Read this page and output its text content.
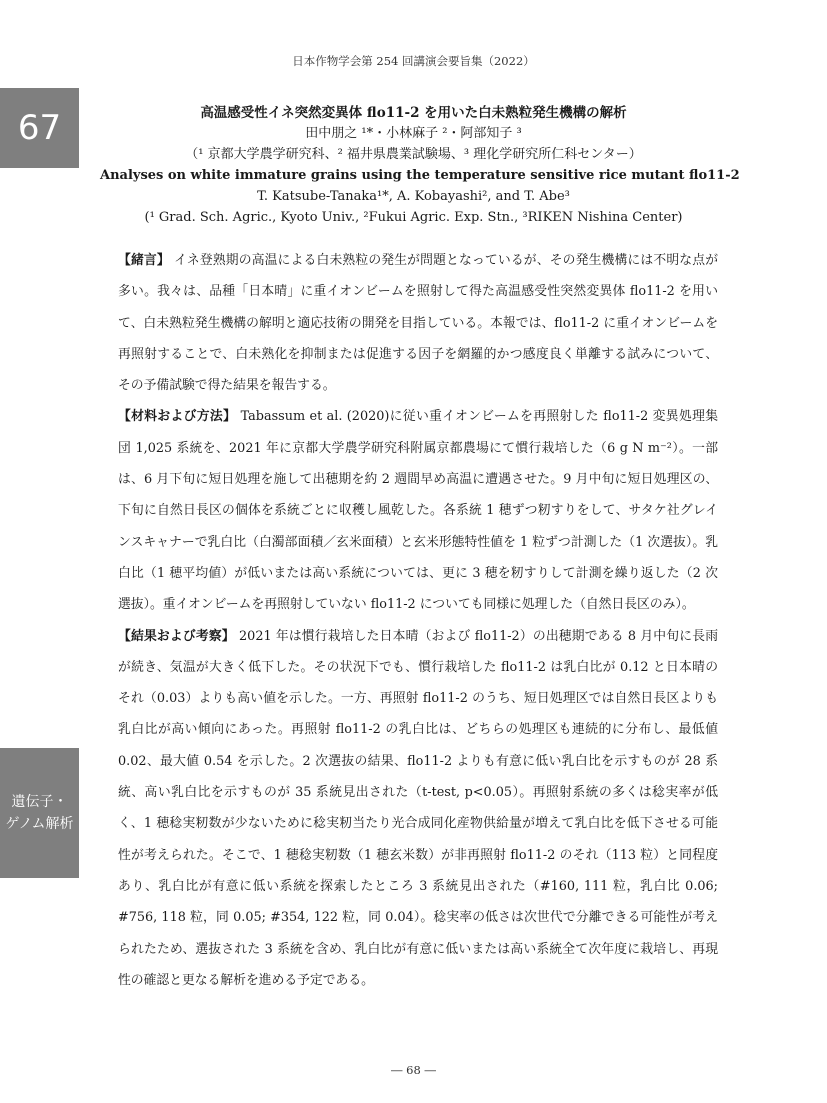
日本作物学会第 254 回講演会要旨集（2022）
67
遺伝子・
ゲノム解析
高温感受性イネ突然変異体 flo11-2 を用いた白未熟粒発生機構の解析
田中朋之 ¹*・小林麻子 ²・阿部知子 ³
（¹ 京都大学農学研究科、² 福井県農業試験場、³ 理化学研究所仁科センター）
Analyses on white immature grains using the temperature sensitive rice mutant flo11-2
T. Katsube-Tanaka¹*, A. Kobayashi², and T. Abe³
(¹ Grad. Sch. Agric., Kyoto Univ., ²Fukui Agric. Exp. Stn., ³RIKEN Nishina Center)

【緒言】 イネ登熟期の高温による白未熟粒の発生が問題となっているが、その発生機構には不明な点が多い。我々は、品種「日本晴」に重イオンビームを照射して得た高温感受性突然変異体 flo11-2 を用いて、白未熟粒発生機構の解明と適応技術の開発を目指している。本報では、flo11-2 に重イオンビームを再照射することで、白未熟化を抑制または促進する因子を網羅的かつ感度良く単離する試みについて、その予備試験で得た結果を報告する。

【材料および方法】 Tabassum et al. (2020)に従い重イオンビームを再照射した flo11-2 変異処理集団 1,025 系統を、2021 年に京都大学農学研究科附属京都農場にて慣行栽培した（6 g N m⁻²）。一部は、6 月下旬に短日処理を施して出穂期を約 2 週間早め高温に遭遇させた。9 月中旬に短日処理区の、下旬に自然日長区の個体を系統ごとに収穫し風乾した。各系統 1 穂ずつ籾すりをして、サタケ社グレインスキャナーで乳白比（白濁部面積／玄米面積）と玄米形態特性値を 1 粒ずつ計測した（1 次選抜）。乳白比（1 穂平均値）が低いまたは高い系統については、更に 3 穂を籾すりして計測を繰り返した（2 次選抜）。重イオンビームを再照射していない flo11-2 についても同様に処理した（自然日長区のみ）。

【結果および考察】 2021 年は慣行栽培した日本晴（および flo11-2）の出穂期である 8 月中旬に長雨が続き、気温が大きく低下した。その状況下でも、慣行栽培した flo11-2 は乳白比が 0.12 と日本晴のそれ（0.03）よりも高い値を示した。一方、再照射 flo11-2 のうち、短日処理区では自然日長区よりも乳白比が高い傾向にあった。再照射 flo11-2 の乳白比は、どちらの処理区も連続的に分布し、最低値 0.02、最大値 0.54 を示した。2 次選抜の結果、flo11-2 よりも有意に低い乳白比を示すものが 28 系統、高い乳白比を示すものが 35 系統見出された（t-test, p<0.05）。再照射系統の多くは稔実率が低く、1 穂稔実籾数が少ないために稔実籾当たり光合成同化産物供給量が増えて乳白比を低下させる可能性が考えられた。そこで、1 穂稔実籾数（1 穂玄米数）が非再照射 flo11-2 のそれ（113 粒）と同程度あり、乳白比が有意に低い系統を探索したところ 3 系統見出された（#160, 111 粒，乳白比 0.06; #756, 118 粒，同 0.05; #354, 122 粒，同 0.04）。稔実率の低さは次世代で分離できる可能性が考えられたため、選抜された 3 系統を含め、乳白比が有意に低いまたは高い系統全て次年度に栽培し、再現性の確認と更なる解析を進める予定である。

― 68 ―
